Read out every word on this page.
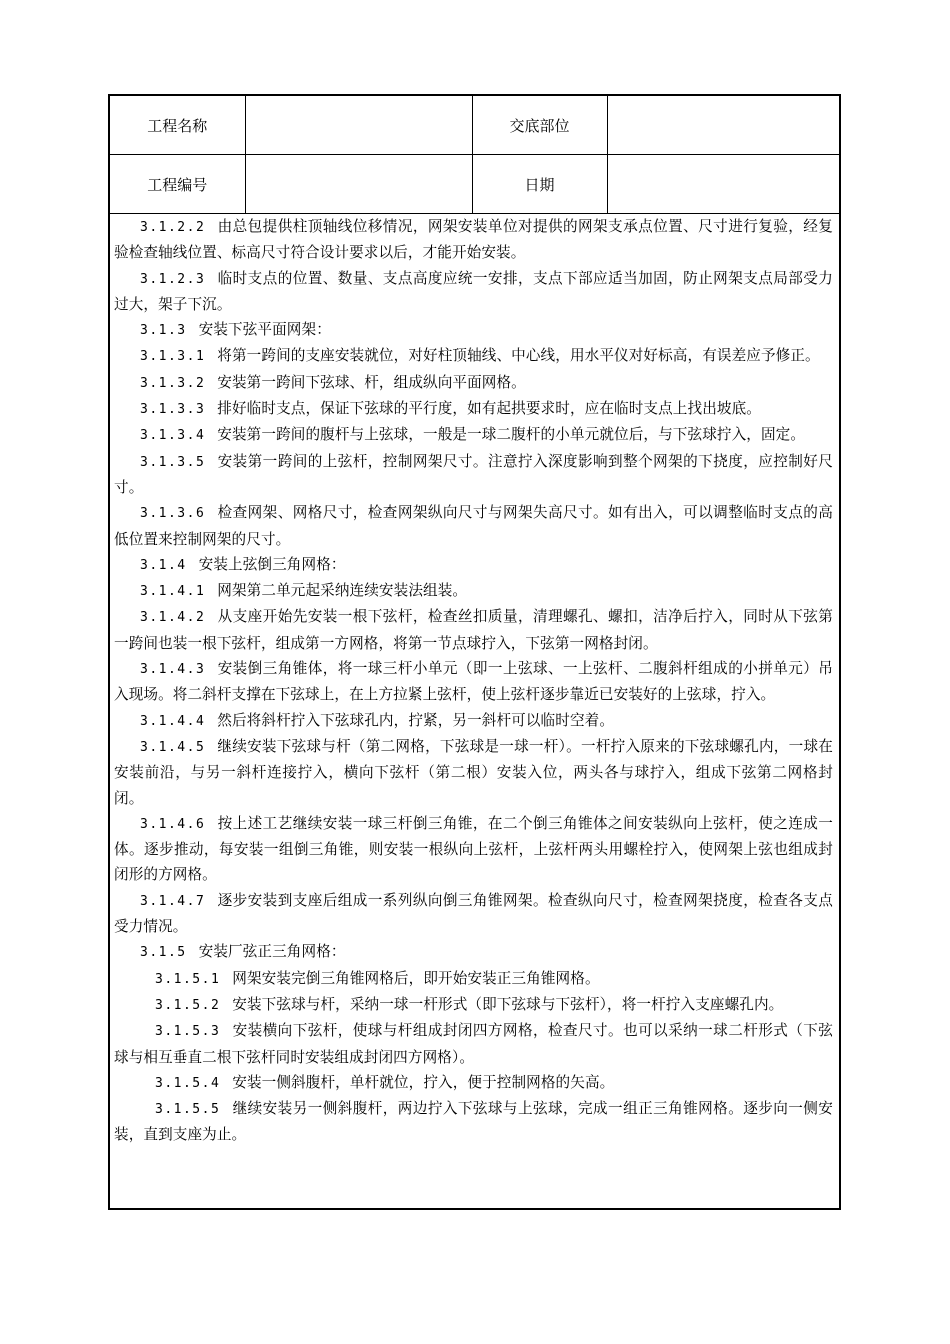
工程名称		交底部位	
工程编号		日期	

3.1.2.2 由总包提供柱顶轴线位移情况，网架安装单位对提供的网架支承点位置、尺寸进行复验，经复验检查轴线位置、标高尺寸符合设计要求以后，才能开始安装。

3.1.2.3 临时支点的位置、数量、支点高度应统一安排，支点下部应适当加固，防止网架支点局部受力过大，架子下沉。

3.1.3 安装下弦平面网架：

3.1.3.1 将第一跨间的支座安装就位，对好柱顶轴线、中心线，用水平仪对好标高，有误差应予修正。

3.1.3.2 安装第一跨间下弦球、杆，组成纵向平面网格。

3.1.3.3 排好临时支点，保证下弦球的平行度，如有起拱要求时，应在临时支点上找出坡底。

3.1.3.4 安装第一跨间的腹杆与上弦球，一般是一球二腹杆的小单元就位后，与下弦球拧入，固定。

3.1.3.5 安装第一跨间的上弦杆，控制网架尺寸。注意拧入深度影响到整个网架的下挠度，应控制好尺寸。

3.1.3.6 检查网架、网格尺寸，检查网架纵向尺寸与网架失高尺寸。如有出入，可以调整临时支点的高低位置来控制网架的尺寸。

3.1.4 安装上弦倒三角网格：

3.1.4.1 网架第二单元起采纳连续安装法组装。

3.1.4.2 从支座开始先安装一根下弦杆，检查丝扣质量，清理螺孔、螺扣，洁净后拧入，同时从下弦第一跨间也装一根下弦杆，组成第一方网格，将第一节点球拧入，下弦第一网格封闭。

3.1.4.3 安装倒三角锥体，将一球三杆小单元（即一上弦球、一上弦杆、二腹斜杆组成的小拼单元）吊入现场。将二斜杆支撑在下弦球上，在上方拉紧上弦杆，使上弦杆逐步靠近已安装好的上弦球，拧入。

3.1.4.4 然后将斜杆拧入下弦球孔内，拧紧，另一斜杆可以临时空着。

3.1.4.5 继续安装下弦球与杆（第二网格，下弦球是一球一杆）。一杆拧入原来的下弦球螺孔内，一球在安装前沿，与另一斜杆连接拧入，横向下弦杆（第二根）安装入位，两头各与球拧入，组成下弦第二网格封闭。

3.1.4.6 按上述工艺继续安装一球三杆倒三角锥，在二个倒三角锥体之间安装纵向上弦杆，使之连成一体。逐步推动，每安装一组倒三角锥，则安装一根纵向上弦杆，上弦杆两头用螺栓拧入，使网架上弦也组成封闭形的方网格。

3.1.4.7 逐步安装到支座后组成一系列纵向倒三角锥网架。检查纵向尺寸，检查网架挠度，检查各支点受力情况。

3.1.5 安装厂弦正三角网格：

3.1.5.1 网架安装完倒三角锥网格后，即开始安装正三角锥网格。

3.1.5.2 安装下弦球与杆，采纳一球一杆形式（即下弦球与下弦杆），将一杆拧入支座螺孔内。

3.1.5.3 安装横向下弦杆，使球与杆组成封闭四方网格，检查尺寸。也可以采纳一球二杆形式（下弦球与相互垂直二根下弦杆同时安装组成封闭四方网格）。

3.1.5.4 安装一侧斜腹杆，单杆就位，拧入，便于控制网格的矢高。

3.1.5.5 继续安装另一侧斜腹杆，两边拧入下弦球与上弦球，完成一组正三角锥网格。逐步向一侧安装，直到支座为止。
